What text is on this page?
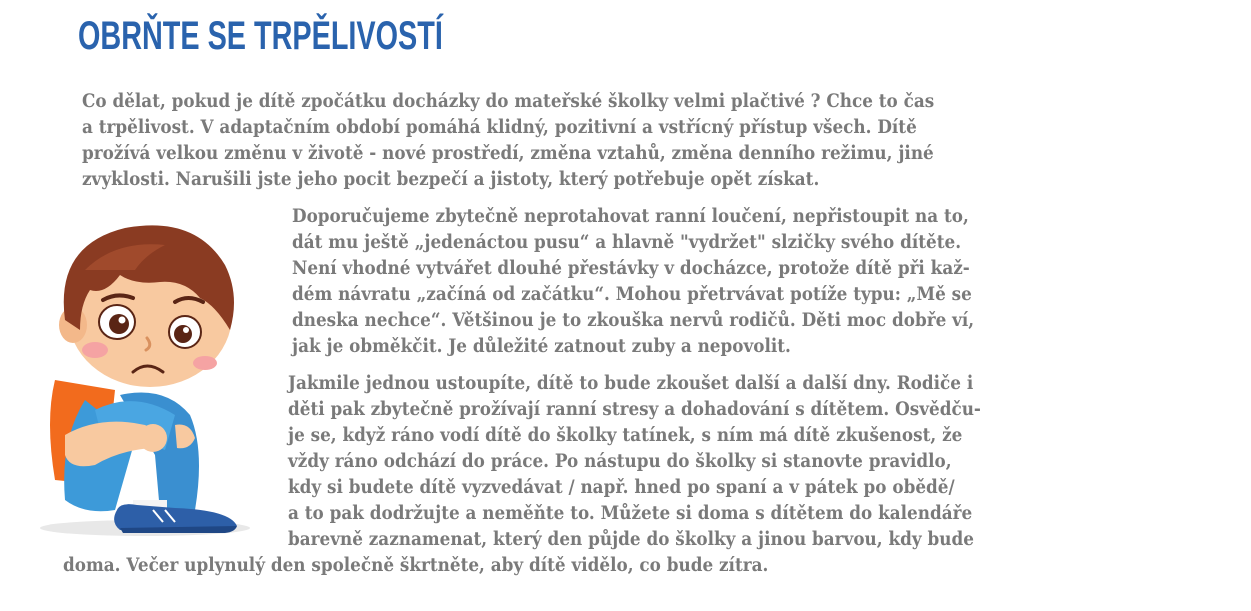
OBRŇTE SE TRPĚLIVOSTÍ
Co dělat, pokud je dítě zpočátku docházky do mateřské školky velmi plačtivé ? Chce to čas
a trpělivost. V adaptačním období pomáhá klidný, pozitivní a vstřícný přístup všech. Dítě
prožívá velkou změnu v životě - nové prostředí, změna vztahů, změna denního režimu, jiné
zvyklosti. Narušili jste jeho pocit bezpečí a jistoty, který potřebuje opět získat.
Doporučujeme zbytečně neprotahovat ranní loučení, nepřistoupit na to,
dát mu ještě „jedenáctou pusu“ a hlavně "vydržet" slzičky svého dítěte.
Není vhodné vytvářet dlouhé přestávky v docházce, protože dítě při kaž-
dém návratu „začíná od začátku“. Mohou přetrvávat potíže typu: „Mě se
dneska nechce“. Většinou je to zkouška nervů rodičů. Děti moc dobře ví,
jak je obměkčit. Je důležité zatnout zuby a nepovolit.
Jakmile jednou ustoupíte, dítě to bude zkoušet další a další dny. Rodiče i
děti pak zbytečně prožívají ranní stresy a dohadování s dítětem. Osvědču-
je se, když ráno vodí dítě do školky tatínek, s ním má dítě zkušenost, že
vždy ráno odchází do práce. Po nástupu do školky si stanovte pravidlo,
kdy si budete dítě vyzvedávat / např. hned po spaní a v pátek po obědě/
a to pak dodržujte a neměňte to. Můžete si doma s dítětem do kalendáře
barevně zaznamenat, který den půjde do školky a jinou barvou, kdy bude
doma. Večer uplynulý den společně škrtněte, aby dítě vidělo, co bude zítra.
